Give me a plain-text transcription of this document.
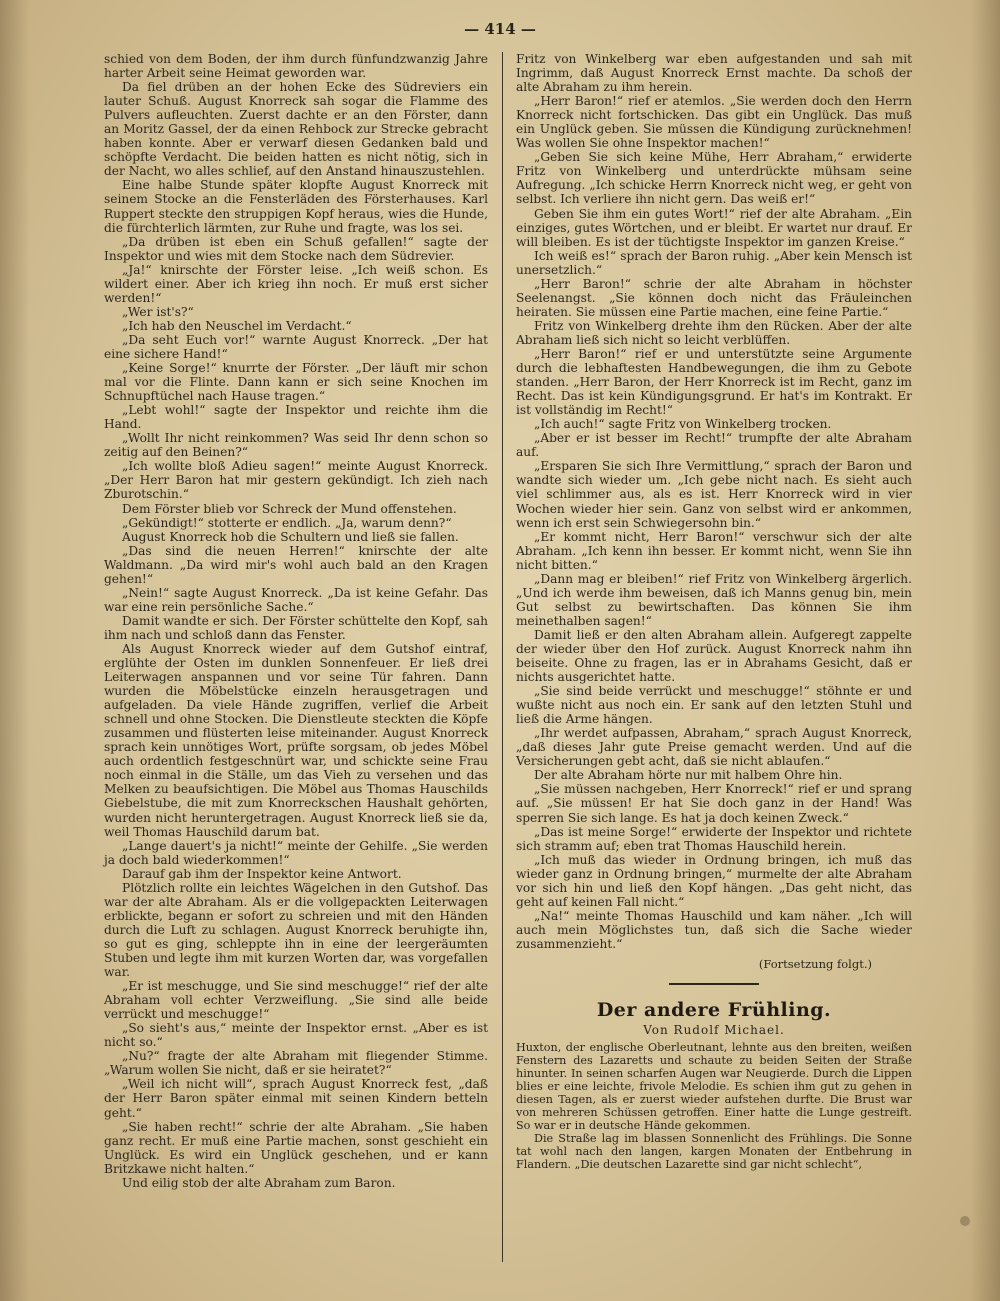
— 414 —

schied von dem Boden, der ihm durch fünfundzwanzig Jahre harter Arbeit seine Heimat geworden war.

Da fiel drüben an der hohen Ecke des Südreviers ein lauter Schuß. August Knorreck sah sogar die Flamme des Pulvers aufleuchten. Zuerst dachte er an den Förster, dann an Moritz Gassel, der da einen Rehbock zur Strecke gebracht haben konnte. Aber er verwarf diesen Gedanken bald und schöpfte Verdacht. Die beiden hatten es nicht nötig, sich in der Nacht, wo alles schlief, auf den Anstand hinauszustehlen.

Eine halbe Stunde später klopfte August Knorreck mit seinem Stocke an die Fensterläden des Försterhauses. Karl Ruppert steckte den struppigen Kopf heraus, wies die Hunde, die fürchterlich lärmten, zur Ruhe und fragte, was los sei.

„Da drüben ist eben ein Schuß gefallen!“ sagte der Inspektor und wies mit dem Stocke nach dem Südrevier.

„Ja!“ knirschte der Förster leise. „Ich weiß schon. Es wildert einer. Aber ich krieg ihn noch. Er muß erst sicher werden!“

„Wer ist's?“

„Ich hab den Neuschel im Verdacht.“

„Da seht Euch vor!“ warnte August Knorreck. „Der hat eine sichere Hand!“

„Keine Sorge!“ knurrte der Förster. „Der läuft mir schon mal vor die Flinte. Dann kann er sich seine Knochen im Schnupftüchel nach Hause tragen.“

„Lebt wohl!“ sagte der Inspektor und reichte ihm die Hand.

„Wollt Ihr nicht reinkommen? Was seid Ihr denn schon so zeitig auf den Beinen?“

„Ich wollte bloß Adieu sagen!“ meinte August Knorreck. „Der Herr Baron hat mir gestern gekündigt. Ich zieh nach Zburotschin.“

Dem Förster blieb vor Schreck der Mund offenstehen.

„Gekündigt!“ stotterte er endlich. „Ja, warum denn?“

August Knorreck hob die Schultern und ließ sie fallen.

„Das sind die neuen Herren!“ knirschte der alte Waldmann. „Da wird mir's wohl auch bald an den Kragen gehen!“

„Nein!“ sagte August Knorreck. „Da ist keine Gefahr. Das war eine rein persönliche Sache.“

Damit wandte er sich. Der Förster schüttelte den Kopf, sah ihm nach und schloß dann das Fenster.

Als August Knorreck wieder auf dem Gutshof eintraf, erglühte der Osten im dunklen Sonnenfeuer. Er ließ drei Leiterwagen anspannen und vor seine Tür fahren. Dann wurden die Möbelstücke einzeln herausgetragen und aufgeladen. Da viele Hände zugriffen, verlief die Arbeit schnell und ohne Stocken. Die Dienstleute steckten die Köpfe zusammen und flüsterten leise miteinander. August Knorreck sprach kein unnötiges Wort, prüfte sorgsam, ob jedes Möbel auch ordentlich festgeschnürt war, und schickte seine Frau noch einmal in die Ställe, um das Vieh zu versehen und das Melken zu beaufsichtigen. Die Möbel aus Thomas Hauschilds Giebelstube, die mit zum Knorreckschen Haushalt gehörten, wurden nicht heruntergetragen. August Knorreck ließ sie da, weil Thomas Hauschild darum bat.

„Lange dauert's ja nicht!“ meinte der Gehilfe. „Sie werden ja doch bald wiederkommen!“

Darauf gab ihm der Inspektor keine Antwort.

Plötzlich rollte ein leichtes Wägelchen in den Gutshof. Das war der alte Abraham. Als er die vollgepackten Leiterwagen erblickte, begann er sofort zu schreien und mit den Händen durch die Luft zu schlagen. August Knorreck beruhigte ihn, so gut es ging, schleppte ihn in eine der leergeräumten Stuben und legte ihm mit kurzen Worten dar, was vorgefallen war.

„Er ist meschugge, und Sie sind meschugge!“ rief der alte Abraham voll echter Verzweiflung. „Sie sind alle beide verrückt und meschugge!“

„So sieht's aus,“ meinte der Inspektor ernst. „Aber es ist nicht so.“

„Nu?“ fragte der alte Abraham mit fliegender Stimme. „Warum wollen Sie nicht, daß er sie heiratet?“

„Weil ich nicht will“, sprach August Knorreck fest, „daß der Herr Baron später einmal mit seinen Kindern betteln geht.“

„Sie haben recht!“ schrie der alte Abraham. „Sie haben ganz recht. Er muß eine Partie machen, sonst geschieht ein Unglück. Es wird ein Unglück geschehen, und er kann Britzkawe nicht halten.“

Und eilig stob der alte Abraham zum Baron.

Fritz von Winkelberg war eben aufgestanden und sah mit Ingrimm, daß August Knorreck Ernst machte. Da schoß der alte Abraham zu ihm herein.

„Herr Baron!“ rief er atemlos. „Sie werden doch den Herrn Knorreck nicht fortschicken. Das gibt ein Unglück. Das muß ein Unglück geben. Sie müssen die Kündigung zurücknehmen! Was wollen Sie ohne Inspektor machen!“

„Geben Sie sich keine Mühe, Herr Abraham,“ erwiderte Fritz von Winkelberg und unterdrückte mühsam seine Aufregung. „Ich schicke Herrn Knorreck nicht weg, er geht von selbst. Ich verliere ihn nicht gern. Das weiß er!“

Geben Sie ihm ein gutes Wort!“ rief der alte Abraham. „Ein einziges, gutes Wörtchen, und er bleibt. Er wartet nur drauf. Er will bleiben. Es ist der tüchtigste Inspektor im ganzen Kreise.“

Ich weiß es!“ sprach der Baron ruhig. „Aber kein Mensch ist unersetzlich.“

„Herr Baron!“ schrie der alte Abraham in höchster Seelenangst. „Sie können doch nicht das Fräuleinchen heiraten. Sie müssen eine Partie machen, eine feine Partie.“

Fritz von Winkelberg drehte ihm den Rücken. Aber der alte Abraham ließ sich nicht so leicht verblüffen.

„Herr Baron!“ rief er und unterstützte seine Argumente durch die lebhaftesten Handbewegungen, die ihm zu Gebote standen. „Herr Baron, der Herr Knorreck ist im Recht, ganz im Recht. Das ist kein Kündigungsgrund. Er hat's im Kontrakt. Er ist vollständig im Recht!“

„Ich auch!“ sagte Fritz von Winkelberg trocken.

„Aber er ist besser im Recht!“ trumpfte der alte Abraham auf.

„Ersparen Sie sich Ihre Vermittlung,“ sprach der Baron und wandte sich wieder um. „Ich gebe nicht nach. Es sieht auch viel schlimmer aus, als es ist. Herr Knorreck wird in vier Wochen wieder hier sein. Ganz von selbst wird er ankommen, wenn ich erst sein Schwiegersohn bin.“

„Er kommt nicht, Herr Baron!“ verschwur sich der alte Abraham. „Ich kenn ihn besser. Er kommt nicht, wenn Sie ihn nicht bitten.“

„Dann mag er bleiben!“ rief Fritz von Winkelberg ärgerlich. „Und ich werde ihm beweisen, daß ich Manns genug bin, mein Gut selbst zu bewirtschaften. Das können Sie ihm meinethalben sagen!“

Damit ließ er den alten Abraham allein. Aufgeregt zappelte der wieder über den Hof zurück. August Knorreck nahm ihn beiseite. Ohne zu fragen, las er in Abrahams Gesicht, daß er nichts ausgerichtet hatte.

„Sie sind beide verrückt und meschugge!“ stöhnte er und wußte nicht aus noch ein. Er sank auf den letzten Stuhl und ließ die Arme hängen.

„Ihr werdet aufpassen, Abraham,“ sprach August Knorreck, „daß dieses Jahr gute Preise gemacht werden. Und auf die Versicherungen gebt acht, daß sie nicht ablaufen.“

Der alte Abraham hörte nur mit halbem Ohre hin.

„Sie müssen nachgeben, Herr Knorreck!“ rief er und sprang auf. „Sie müssen! Er hat Sie doch ganz in der Hand! Was sperren Sie sich lange. Es hat ja doch keinen Zweck.“

„Das ist meine Sorge!“ erwiderte der Inspektor und richtete sich stramm auf; eben trat Thomas Hauschild herein.

„Ich muß das wieder in Ordnung bringen, ich muß das wieder ganz in Ordnung bringen,“ murmelte der alte Abraham vor sich hin und ließ den Kopf hängen. „Das geht nicht, das geht auf keinen Fall nicht.“

„Na!“ meinte Thomas Hauschild und kam näher. „Ich will auch mein Möglichstes tun, daß sich die Sache wieder zusammenzieht.“

(Fortsetzung folgt.)

Der andere Frühling.
Von Rudolf Michael.

Huxton, der englische Oberleutnant, lehnte aus den breiten, weißen Fenstern des Lazaretts und schaute zu beiden Seiten der Straße hinunter. In seinen scharfen Augen war Neugierde. Durch die Lippen blies er eine leichte, frivole Melodie. Es schien ihm gut zu gehen in diesen Tagen, als er zuerst wieder aufstehen durfte. Die Brust war von mehreren Schüssen getroffen. Einer hatte die Lunge gestreift. So war er in deutsche Hände gekommen.

Die Straße lag im blassen Sonnenlicht des Frühlings. Die Sonne tat wohl nach den langen, kargen Monaten der Entbehrung in Flandern. „Die deutschen Lazarette sind gar nicht schlecht“,
